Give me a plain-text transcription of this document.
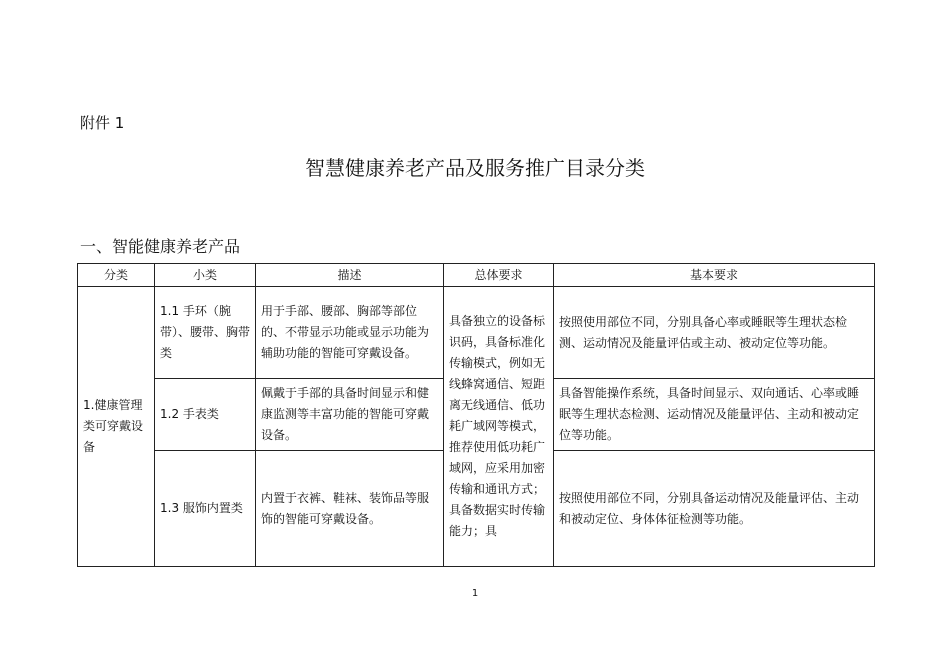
附件 1
智慧健康养老产品及服务推广目录分类
一、智能健康养老产品
分类	小类	描述	总体要求	基本要求
1.健康管理类可穿戴设备	1.1 手环（腕带）、腰带、胸带类	用于手部、腰部、胸部等部位的、不带显示功能或显示功能为辅助功能的智能可穿戴设备。	具备独立的设备标识码，具备标准化传输模式，例如无线蜂窝通信、短距离无线通信、低功耗广域网等模式，推荐使用低功耗广域网，应采用加密传输和通讯方式；具备数据实时传输能力；具	按照使用部位不同，分别具备心率或睡眠等生理状态检测、运动情况及能量评估或主动、被动定位等功能。
	1.2 手表类	佩戴于手部的具备时间显示和健康监测等丰富功能的智能可穿戴设备。		具备智能操作系统，具备时间显示、双向通话、心率或睡眠等生理状态检测、运动情况及能量评估、主动和被动定位等功能。
	1.3 服饰内置类	内置于衣裤、鞋袜、装饰品等服饰的智能可穿戴设备。		按照使用部位不同，分别具备运动情况及能量评估、主动和被动定位、身体体征检测等功能。
1
